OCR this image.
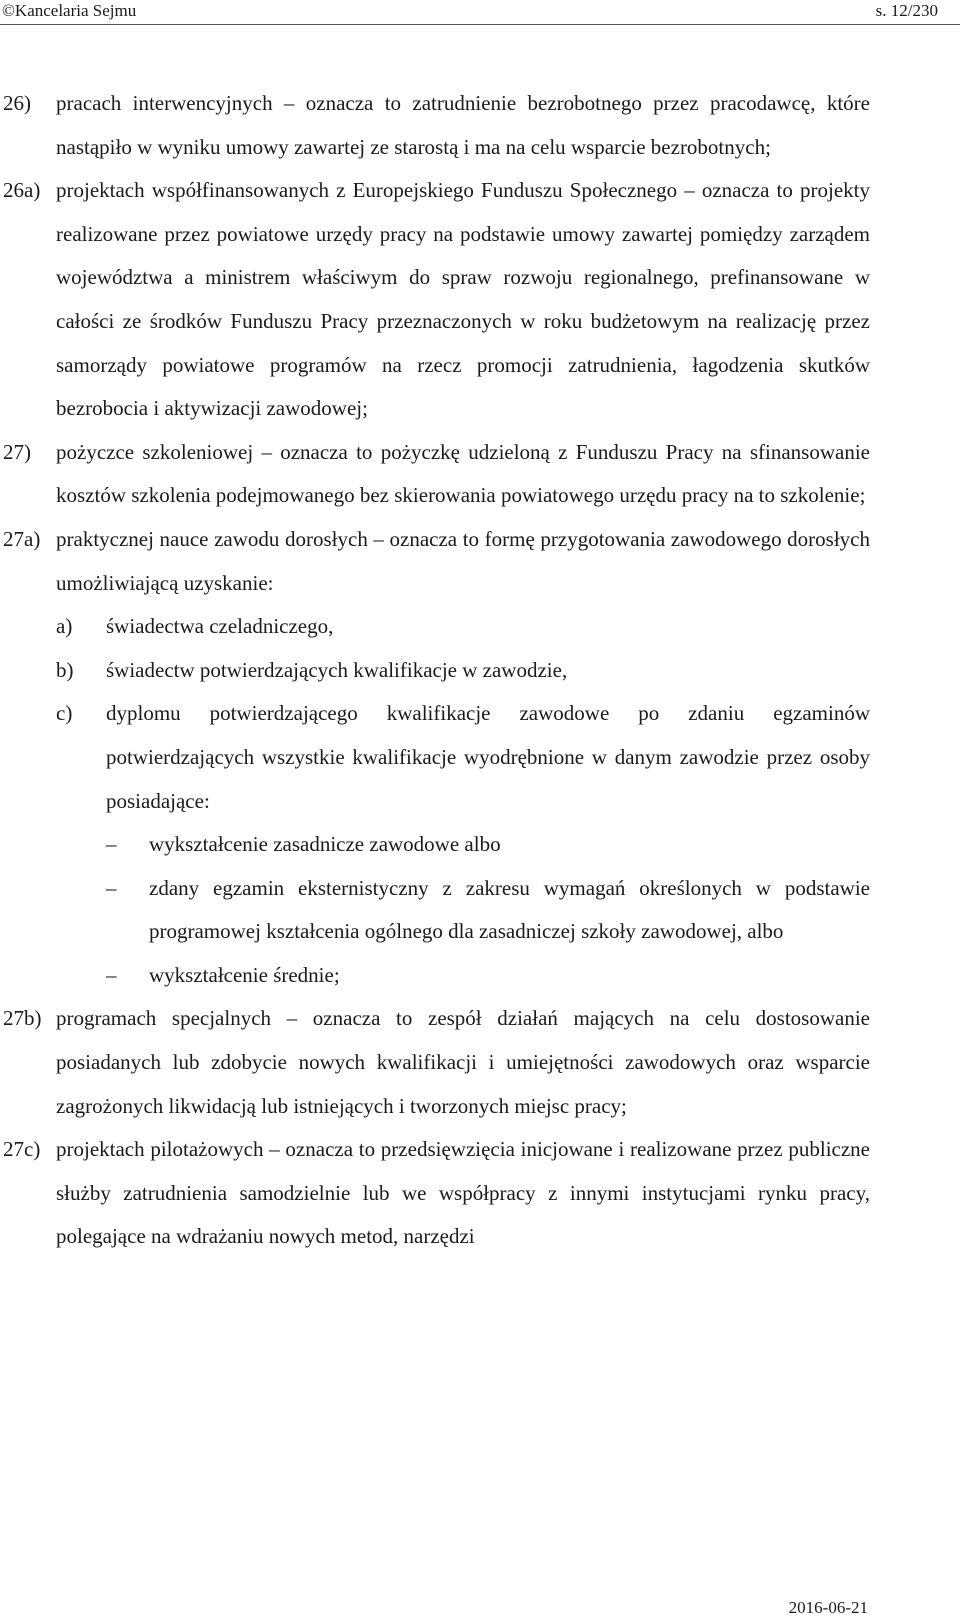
©Kancelaria Sejmu	s. 12/230
26) pracach interwencyjnych – oznacza to zatrudnienie bezrobotnego przez pracodawcę, które nastąpiło w wyniku umowy zawartej ze starostą i ma na celu wsparcie bezrobotnych;
26a) projektach współfinansowanych z Europejskiego Funduszu Społecznego – oznacza to projekty realizowane przez powiatowe urzędy pracy na podstawie umowy zawartej pomiędzy zarządem województwa a ministrem właściwym do spraw rozwoju regionalnego, prefinansowane w całości ze środków Funduszu Pracy przeznaczonych w roku budżetowym na realizację przez samorządy powiatowe programów na rzecz promocji zatrudnienia, łagodzenia skutków bezrobocia i aktywizacji zawodowej;
27) pożyczce szkoleniowej – oznacza to pożyczkę udzieloną z Funduszu Pracy na sfinansowanie kosztów szkolenia podejmowanego bez skierowania powiatowego urzędu pracy na to szkolenie;
27a) praktycznej nauce zawodu dorosłych – oznacza to formę przygotowania zawodowego dorosłych umożliwiającą uzyskanie:
a) świadectwa czeladniczego,
b) świadectw potwierdzających kwalifikacje w zawodzie,
c) dyplomu potwierdzającego kwalifikacje zawodowe po zdaniu egzaminów potwierdzających wszystkie kwalifikacje wyodrębnione w danym zawodzie przez osoby posiadające:
–	wykształcenie zasadnicze zawodowe albo
–	zdany egzamin eksternistyczny z zakresu wymagań określonych w podstawie programowej kształcenia ogólnego dla zasadniczej szkoły zawodowej, albo
–	wykształcenie średnie;
27b) programach specjalnych – oznacza to zespół działań mających na celu dostosowanie posiadanych lub zdobycie nowych kwalifikacji i umiejętności zawodowych oraz wsparcie zagrożonych likwidacją lub istniejących i tworzonych miejsc pracy;
27c) projektach pilotażowych – oznacza to przedsięwzięcia inicjowane i realizowane przez publiczne służby zatrudnienia samodzielnie lub we współpracy z innymi instytucjami rynku pracy, polegające na wdrażaniu nowych metod, narzędzi
2016-06-21
